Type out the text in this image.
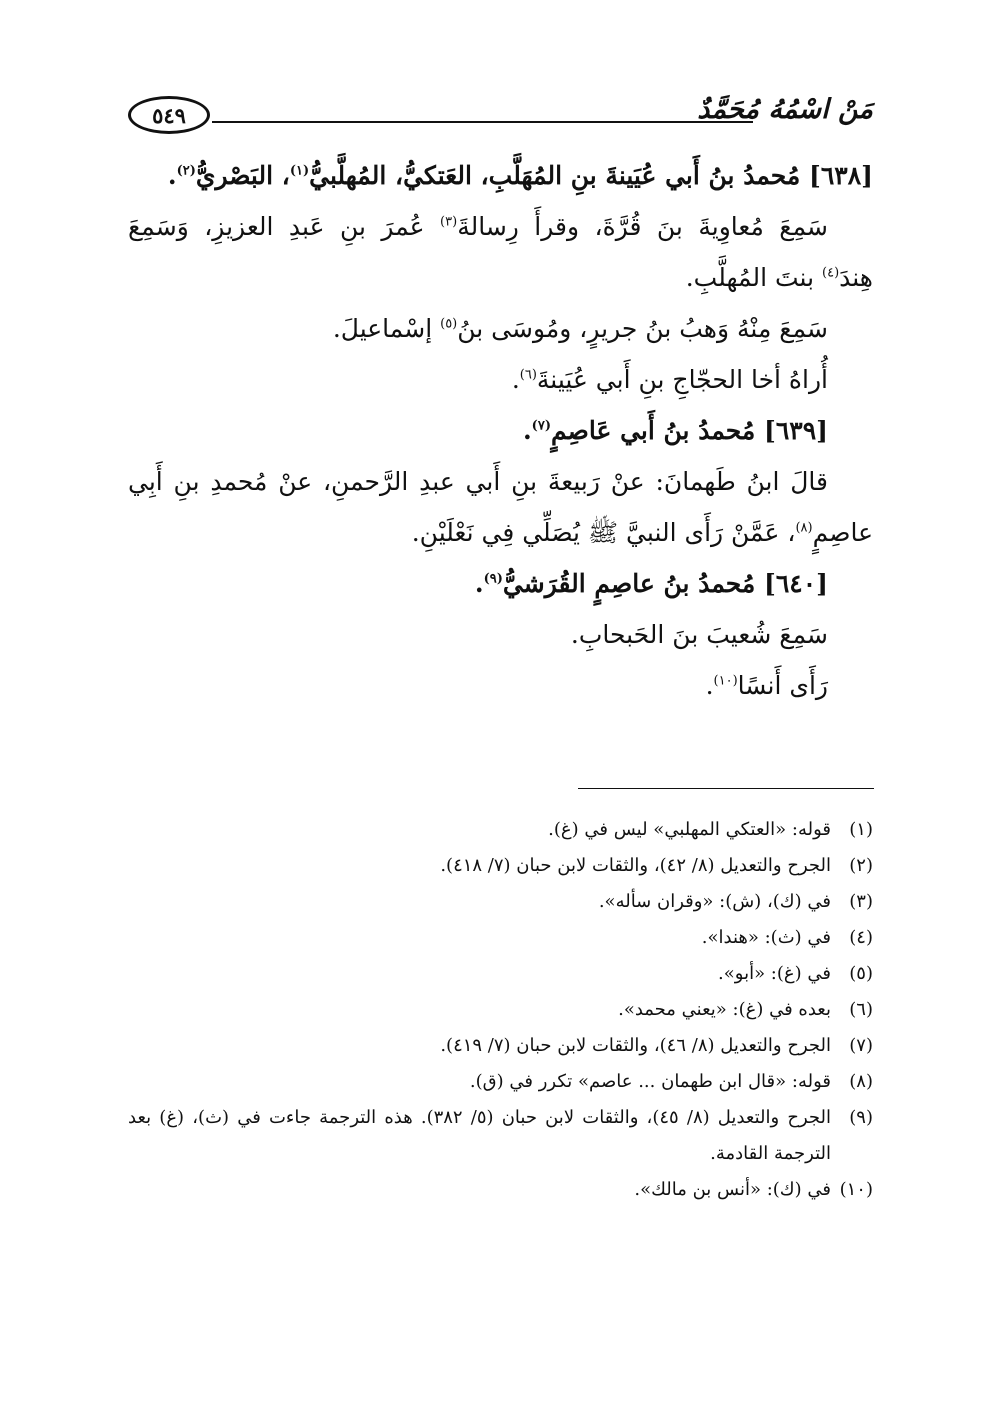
مَنْ اسْمُهُ مُحَمَّدٌ
٥٤٩
[٦٣٨] مُحمدُ بنُ أَبي عُيَينةَ بنِ المُهَلَّبِ، العَتكيُّ، المُهلَّبيُّ$^{(١)}$، البَصْريُّ$^{(٢)}$.
سَمِعَ مُعاوِيةَ بنَ قُرَّةَ، وقرأَ رِسالةَ$^{(٣)}$ عُمرَ بنِ عَبدِ العزيزِ، وَسَمِعَ
هِندَ$^{(٤)}$ بنتَ المُهلَّبِ.
سَمِعَ مِنْهُ وَهبُ بنُ جريرٍ، ومُوسَى بنُ$^{(٥)}$ إسْماعيلَ.
أُراهُ أخا الحجّاجِ بنِ أَبي عُيَينةَ$^{(٦)}$.
[٦٣٩] مُحمدُ بنُ أَبي عَاصِمٍ$^{(٧)}$.
قالَ ابنُ طَهمانَ: عنْ رَبيعةَ بنِ أَبي عبدِ الرَّحمنِ، عنْ مُحمدِ بنِ أَبِي
عاصِمٍ$^{(٨)}$، عَمَّنْ رَأَى النبيَّ ﷺ يُصَلِّي فِي نَعْلَيْنِ.
[٦٤٠] مُحمدُ بنُ عاصِمٍ القُرَشيُّ$^{(٩)}$.
سَمِعَ شُعيبَ بنَ الحَبحابِ.
رَأَى أَنسًا$^{(١٠)}$.
(١)
قوله: «العتكي المهلبي» ليس في (غ).
(٢)
الجرح والتعديل (٨/ ٤٢)، والثقات لابن حبان (٧/ ٤١٨).
(٣)
في (ك)، (ش): «وقران سأله».
(٤)
في (ث): «هندا».
(٥)
في (غ): «أبو».
(٦)
بعده في (غ): «يعني محمد».
(٧)
الجرح والتعديل (٨/ ٤٦)، والثقات لابن حبان (٧/ ٤١٩).
(٨)
قوله: «قال ابن طهمان ... عاصم» تكرر في (ق).
(٩)
الجرح والتعديل (٨/ ٤٥)، والثقات لابن حبان (٥/ ٣٨٢). هذه الترجمة جاءت في (ث)، (غ) بعد الترجمة القادمة.
(١٠)
في (ك): «أنس بن مالك».
